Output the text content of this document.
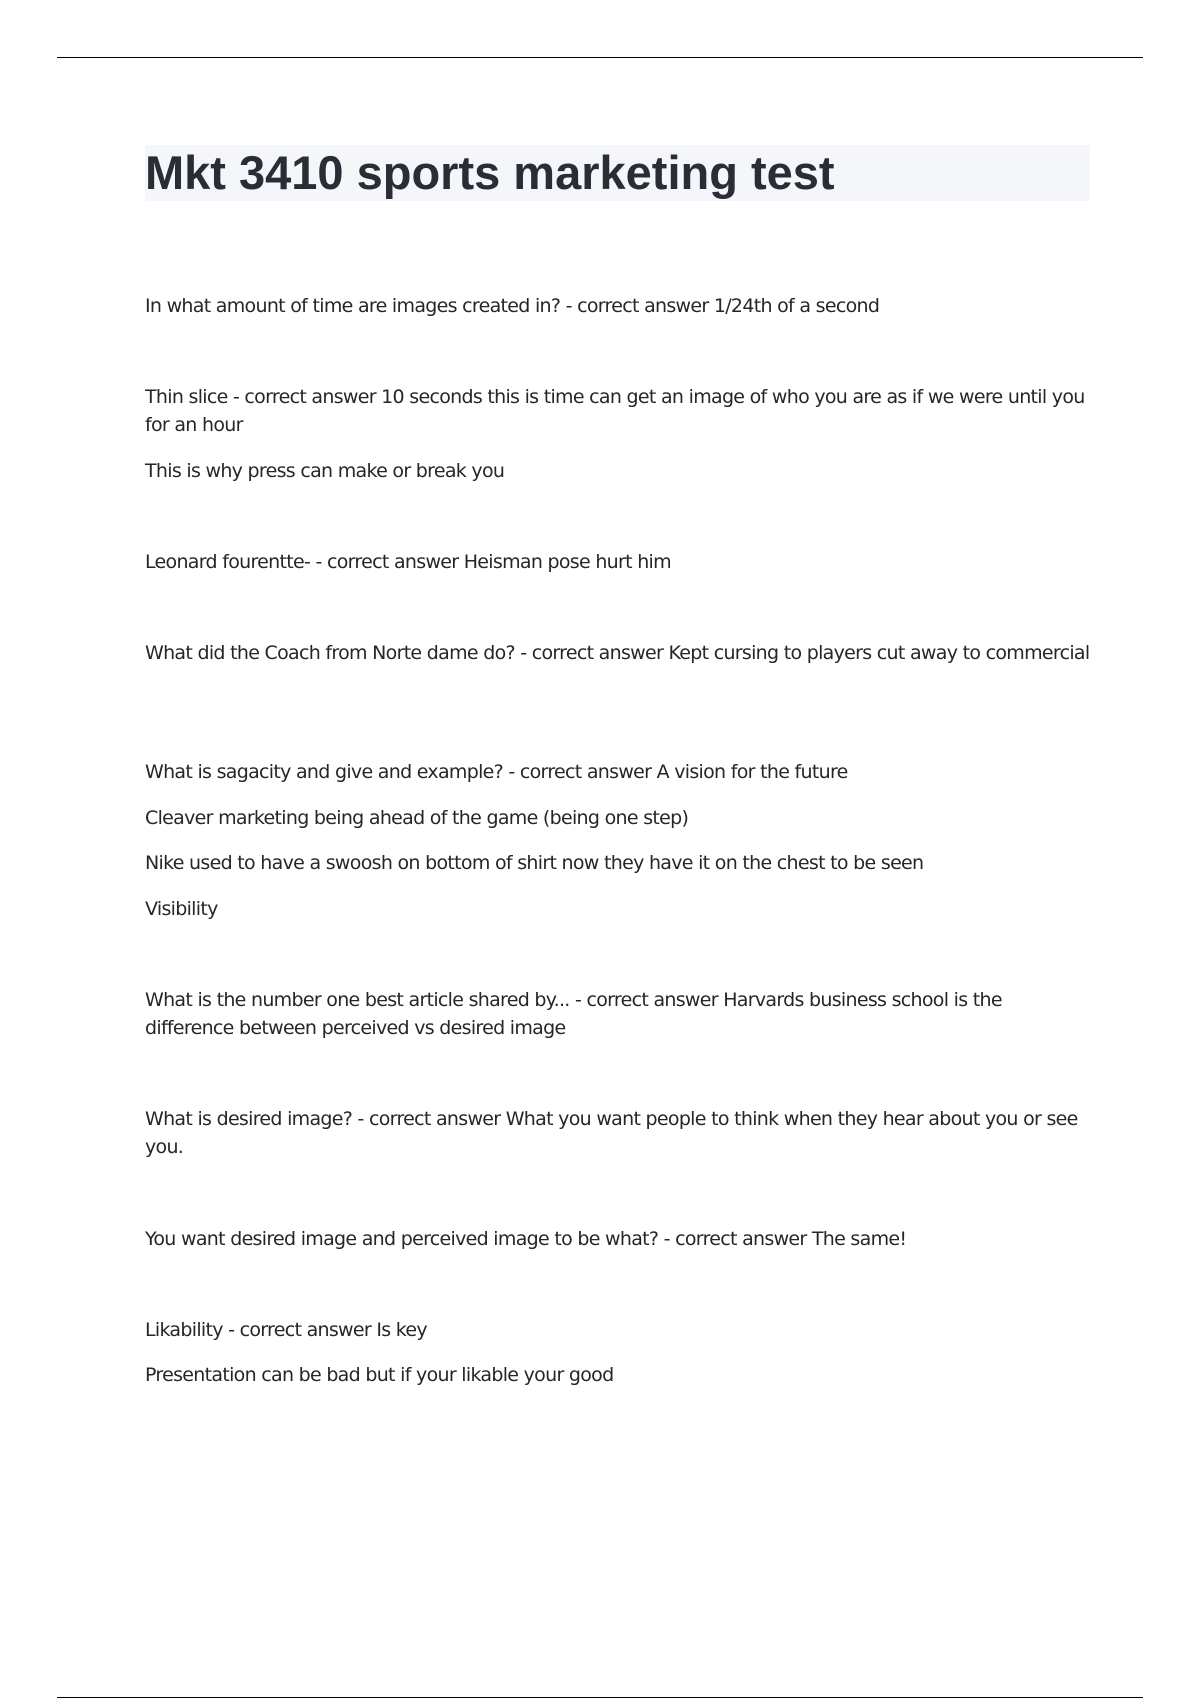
Mkt 3410 sports marketing test

In what amount of time are images created in? - correct answer 1/24th of a second

Thin slice - correct answer 10 seconds this is time can get an image of who you are as if we were until you for an hour

This is why press can make or break you

Leonard fourentte- - correct answer Heisman pose hurt him

What did the Coach from Norte dame do? - correct answer Kept cursing to players cut away to commercial

What is sagacity and give and example? - correct answer A vision for the future

Cleaver marketing being ahead of the game (being one step)

Nike used to have a swoosh on bottom of shirt now they have it on the chest to be seen

Visibility

What is the number one best article shared by... - correct answer Harvards business school is the difference between perceived vs desired image

What is desired image? - correct answer What you want people to think when they hear about you or see you.

You want desired image and perceived image to be what? - correct answer The same!

Likability - correct answer Is key

Presentation can be bad but if your likable your good
